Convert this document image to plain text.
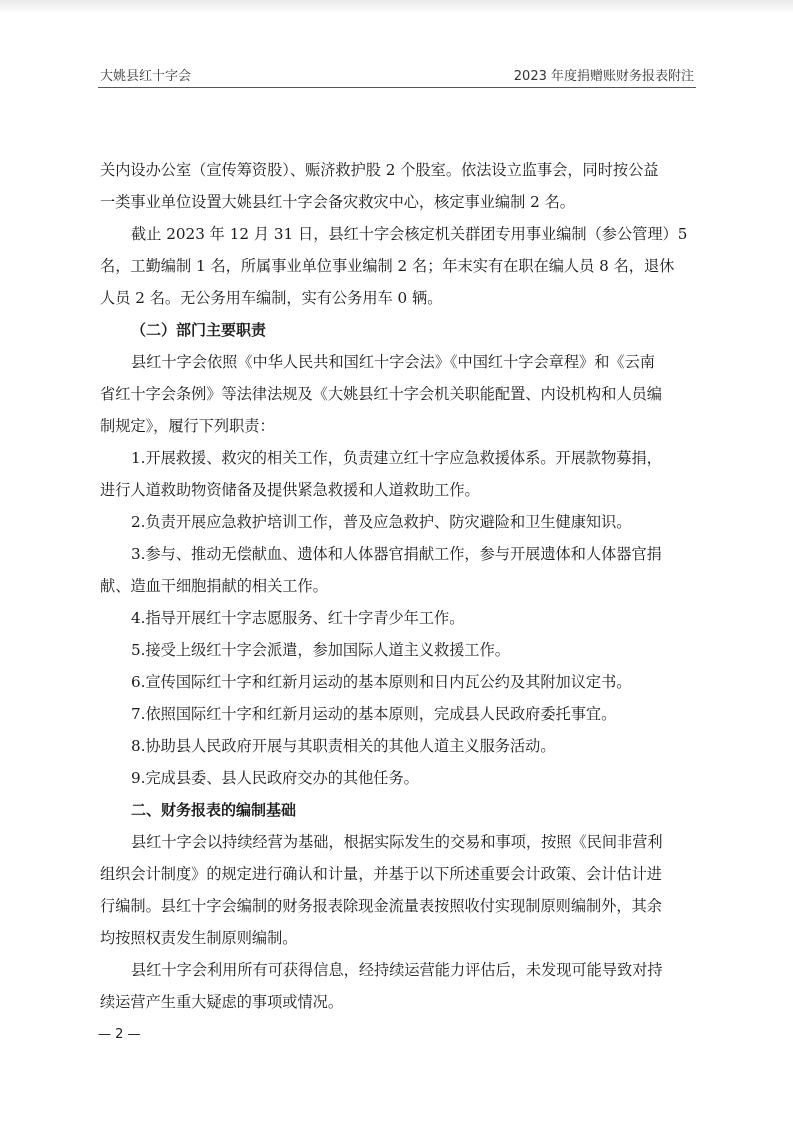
大姚县红十字会	2023 年度捐赠账财务报表附注
关内设办公室（宣传筹资股）、赈济救护股 2 个股室。依法设立监事会，同时按公益
一类事业单位设置大姚县红十字会备灾救灾中心，核定事业编制 2 名。
截止 2023 年 12 月 31 日，县红十字会核定机关群团专用事业编制（参公管理）5
名，工勤编制 1 名，所属事业单位事业编制 2 名；年末实有在职在编人员 8 名，退休
人员 2 名。无公务用车编制，实有公务用车 0 辆。
（二）部门主要职责
县红十字会依照《中华人民共和国红十字会法》《中国红十字会章程》和《云南
省红十字会条例》等法律法规及《大姚县红十字会机关职能配置、内设机构和人员编
制规定》，履行下列职责：
1.开展救援、救灾的相关工作，负责建立红十字应急救援体系。开展款物募捐，
进行人道救助物资储备及提供紧急救援和人道救助工作。
2.负责开展应急救护培训工作，普及应急救护、防灾避险和卫生健康知识。
3.参与、推动无偿献血、遗体和人体器官捐献工作，参与开展遗体和人体器官捐
献、造血干细胞捐献的相关工作。
4.指导开展红十字志愿服务、红十字青少年工作。
5.接受上级红十字会派遣，参加国际人道主义救援工作。
6.宣传国际红十字和红新月运动的基本原则和日内瓦公约及其附加议定书。
7.依照国际红十字和红新月运动的基本原则，完成县人民政府委托事宜。
8.协助县人民政府开展与其职责相关的其他人道主义服务活动。
9.完成县委、县人民政府交办的其他任务。
二、财务报表的编制基础
县红十字会以持续经营为基础，根据实际发生的交易和事项，按照《民间非营利
组织会计制度》的规定进行确认和计量，并基于以下所述重要会计政策、会计估计进
行编制。县红十字会编制的财务报表除现金流量表按照收付实现制原则编制外，其余
均按照权责发生制原则编制。
县红十字会利用所有可获得信息，经持续运营能力评估后，未发现可能导致对持
续运营产生重大疑虑的事项或情况。
— 2 —
